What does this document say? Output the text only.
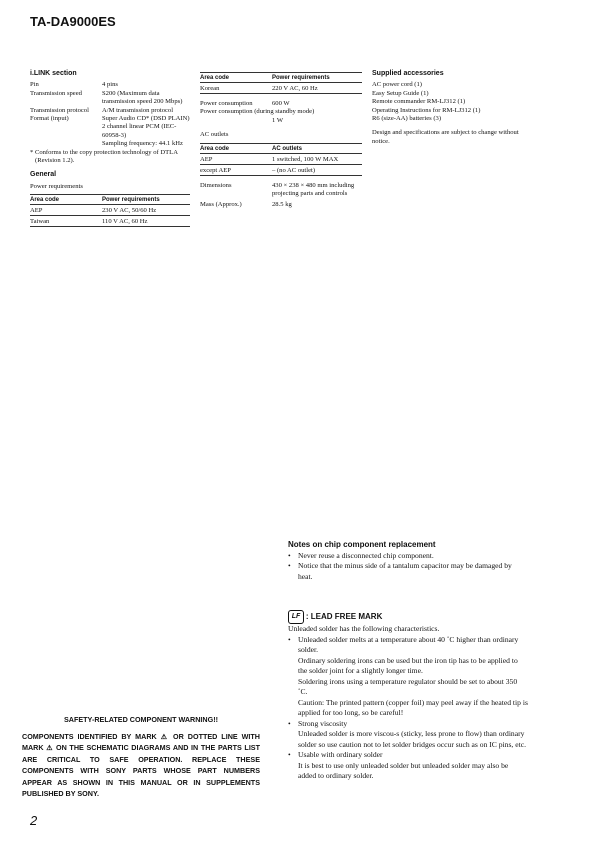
TA-DA9000ES
i.LINK section
Pin	4 pins
Transmission speed	S200 (Maximum data transmission speed 200 Mbps)
Transmission protocol	A/M transmission protocol
Format (input)	Super Audio CD* (DSD PLAIN)
2 channel linear PCM (IEC-60958-3)
Sampling frequency: 44.1 kHz
* Conforms to the copy protection technology of DTLA (Revision 1.2).
General
Power requirements
Area code	Power requirements
AEP	230 V AC, 50/60 Hz
Taiwan	110 V AC, 60 Hz
Area code	Power requirements
Korean	220 V AC, 60 Hz
Power consumption	600 W
Power consumption (during standby mode)
1 W
AC outlets
Area code	AC outlets
AEP	1 switched, 100 W MAX
except AEP	– (no AC outlet)
Dimensions	430 × 238 × 480 mm including projecting parts and controls
Mass (Approx.)	28.5 kg
Supplied accessories
AC power cord (1)
Easy Setup Guide (1)
Remote commander RM-LJ312 (1)
Operating Instructions for RM-LJ312 (1)
R6 (size-AA) batteries (3)
Design and specifications are subject to change without notice.
Notes on chip component replacement
• Never reuse a disconnected chip component.
• Notice that the minus side of a tantalum capacitor may be damaged by heat.
LF : LEAD FREE MARK
Unleaded solder has the following characteristics.
• Unleaded solder melts at a temperature about 40 ˚C higher than ordinary solder.
Ordinary soldering irons can be used but the iron tip has to be applied to the solder joint for a slightly longer time.
Soldering irons using a temperature regulator should be set to about 350 ˚C.
Caution: The printed pattern (copper foil) may peel away if the heated tip is applied for too long, so be careful!
• Strong viscosity
Unleaded solder is more viscou-s (sticky, less prone to flow) than ordinary solder so use caution not to let solder bridges occur such as on IC pins, etc.
• Usable with ordinary solder
It is best to use only unleaded solder but unleaded solder may also be added to ordinary solder.
SAFETY-RELATED COMPONENT WARNING!!
COMPONENTS IDENTIFIED BY MARK ⚠ OR DOTTED LINE WITH MARK ⚠ ON THE SCHEMATIC DIAGRAMS AND IN THE PARTS LIST ARE CRITICAL TO SAFE OPERATION. REPLACE THESE COMPONENTS WITH SONY PARTS WHOSE PART NUMBERS APPEAR AS SHOWN IN THIS MANUAL OR IN SUPPLEMENTS PUBLISHED BY SONY.
2
